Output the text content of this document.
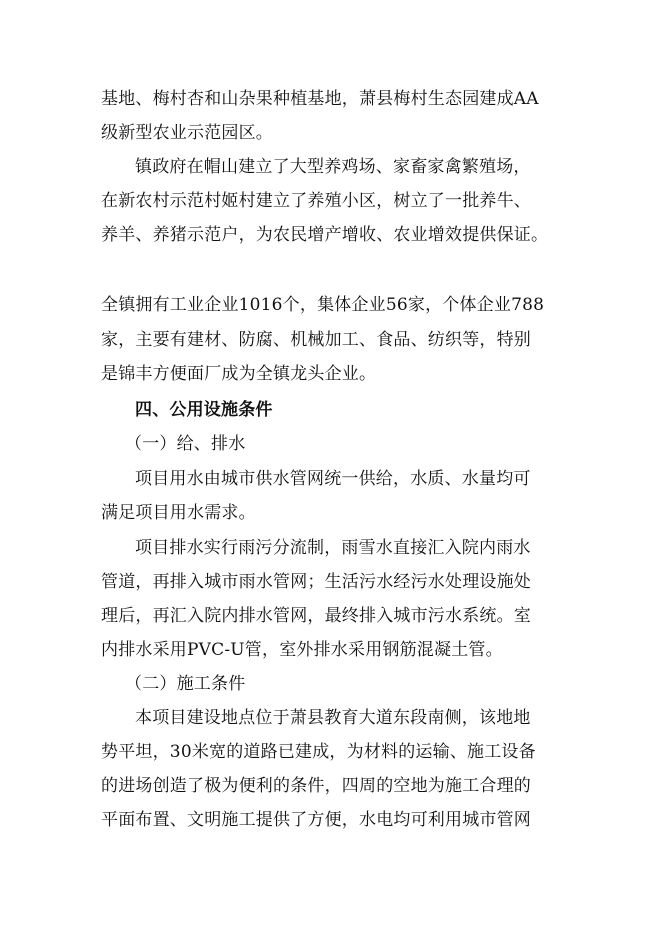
基地、梅村杏和山杂果种植基地，萧县梅村生态园建成AA
级新型农业示范园区。
镇政府在帽山建立了大型养鸡场、家畜家禽繁殖场，
在新农村示范村姬村建立了养殖小区，树立了一批养牛、
养羊、养猪示范户，为农民增产增收、农业增效提供保证。
全镇拥有工业企业1016个，集体企业56家，个体企业788
家，主要有建材、防腐、机械加工、食品、纺织等，特别
是锦丰方便面厂成为全镇龙头企业。
四、公用设施条件
（一）给、排水
项目用水由城市供水管网统一供给，水质、水量均可
满足项目用水需求。
项目排水实行雨污分流制，雨雪水直接汇入院内雨水
管道，再排入城市雨水管网；生活污水经污水处理设施处
理后，再汇入院内排水管网，最终排入城市污水系统。室
内排水采用PVC-U管，室外排水采用钢筋混凝土管。
（二）施工条件
本项目建设地点位于萧县教育大道东段南侧，该地地
势平坦，30米宽的道路已建成，为材料的运输、施工设备
的进场创造了极为便利的条件，四周的空地为施工合理的
平面布置、文明施工提供了方便，水电均可利用城市管网
